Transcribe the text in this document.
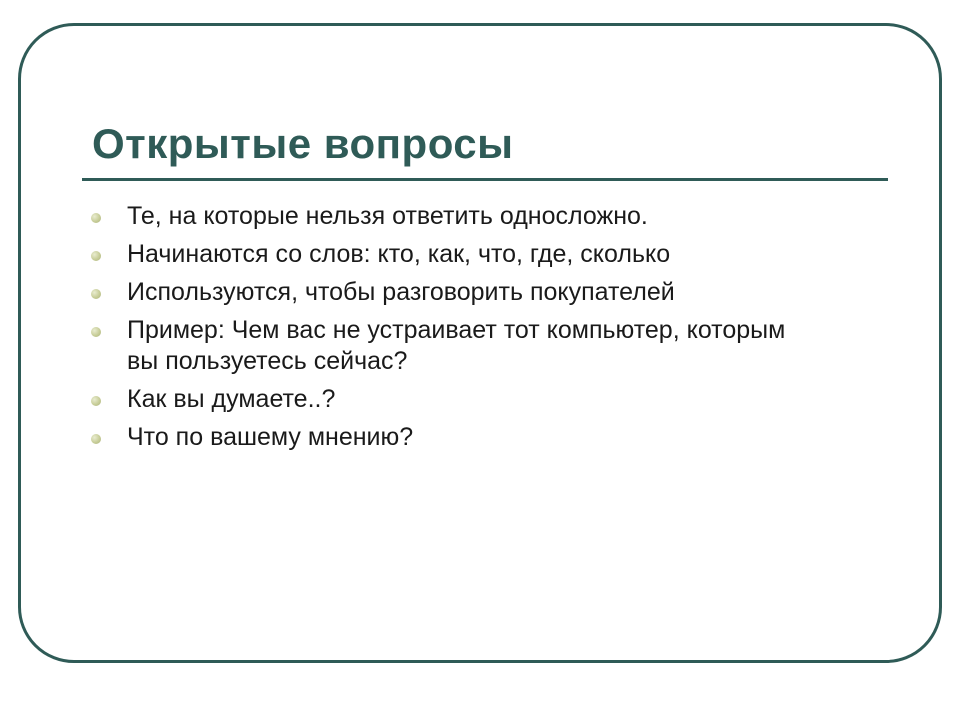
Открытые вопросы
Те, на которые нельзя ответить односложно.
Начинаются со слов: кто, как, что, где, сколько
Используются, чтобы разговорить покупателей
Пример: Чем вас не устраивает тот компьютер, которым вы пользуетесь сейчас?
Как вы думаете..?
Что по вашему мнению?
